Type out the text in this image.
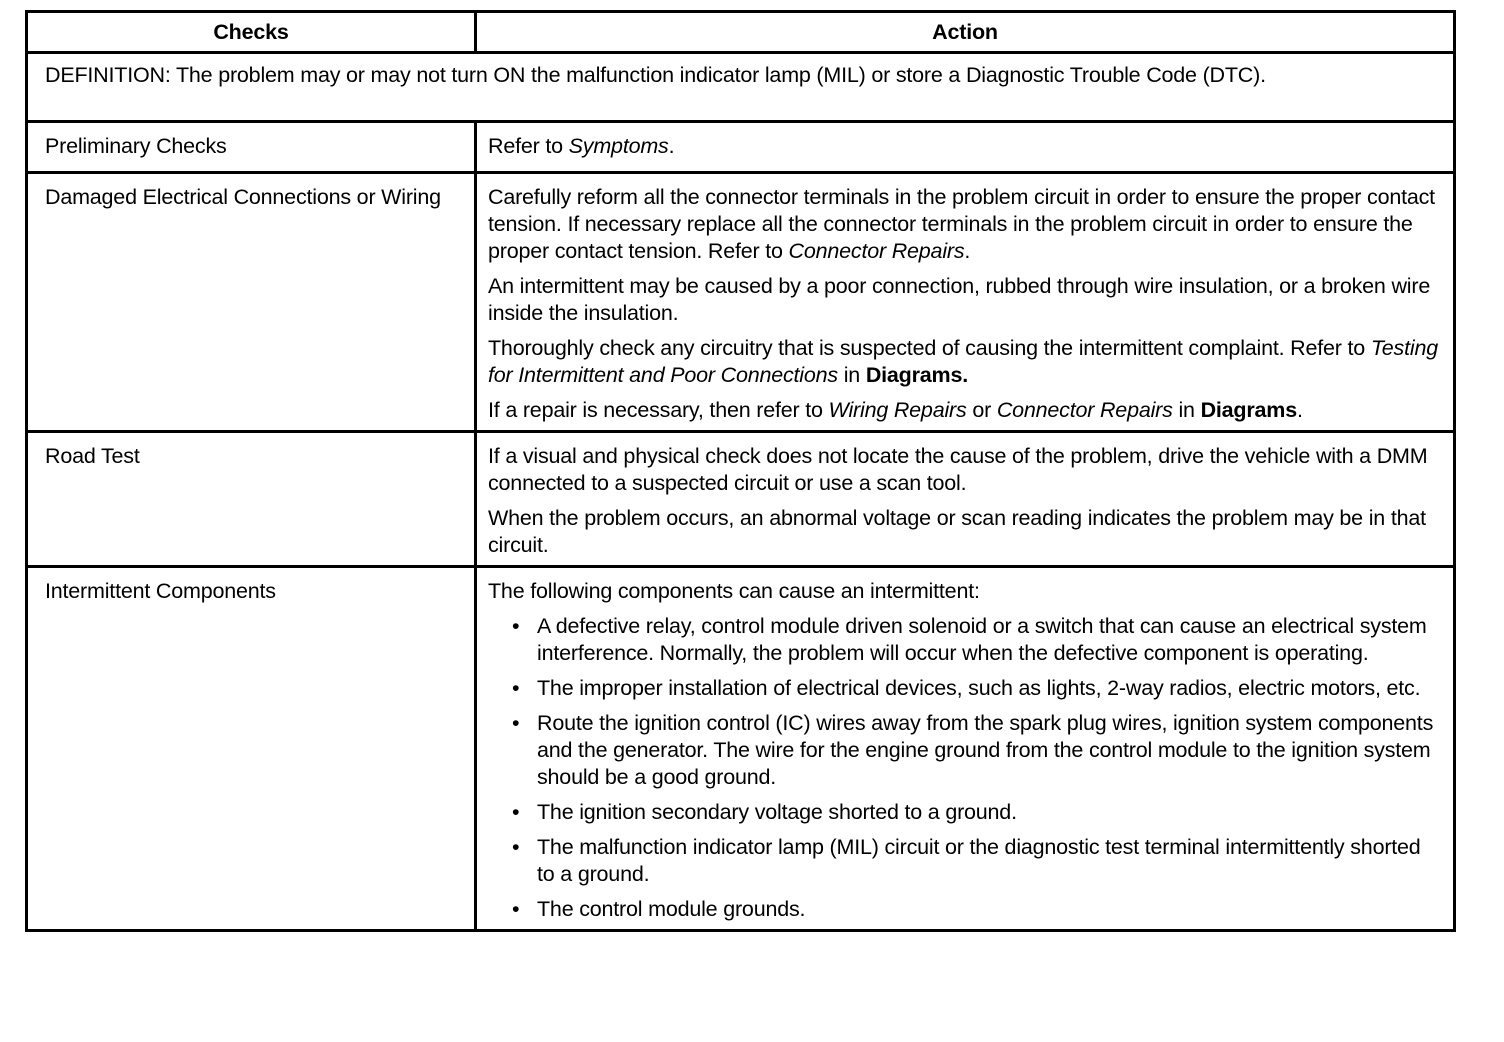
Checks	Action
DEFINITION: The problem may or may not turn ON the malfunction indicator lamp (MIL) or store a Diagnostic Trouble Code (DTC).	
Preliminary Checks	Refer to Symptoms.

Damaged Electrical Connections or Wiring	Carefully reform all the connector terminals in the problem circuit in order to ensure the proper contact tension. If necessary replace all the connector terminals in the problem circuit in order to ensure the proper contact tension. Refer to Connector Repairs.

An intermittent may be caused by a poor connection, rubbed through wire insulation, or a broken wire inside the insulation.

Thoroughly check any circuitry that is suspected of causing the intermittent complaint. Refer to Testing for Intermittent and Poor Connections in Diagrams.

If a repair is necessary, then refer to Wiring Repairs or Connector Repairs in Diagrams.

Road Test	If a visual and physical check does not locate the cause of the problem, drive the vehicle with a DMM connected to a suspected circuit or use a scan tool.

When the problem occurs, an abnormal voltage or scan reading indicates the problem may be in that circuit.

Intermittent Components	The following components can cause an intermittent:

• A defective relay, control module driven solenoid or a switch that can cause an electrical system interference. Normally, the problem will occur when the defective component is operating.
• The improper installation of electrical devices, such as lights, 2-way radios, electric motors, etc.
• Route the ignition control (IC) wires away from the spark plug wires, ignition system components and the generator. The wire for the engine ground from the control module to the ignition system should be a good ground.
• The ignition secondary voltage shorted to a ground.
• The malfunction indicator lamp (MIL) circuit or the diagnostic test terminal intermittently shorted to a ground.
• The control module grounds.
